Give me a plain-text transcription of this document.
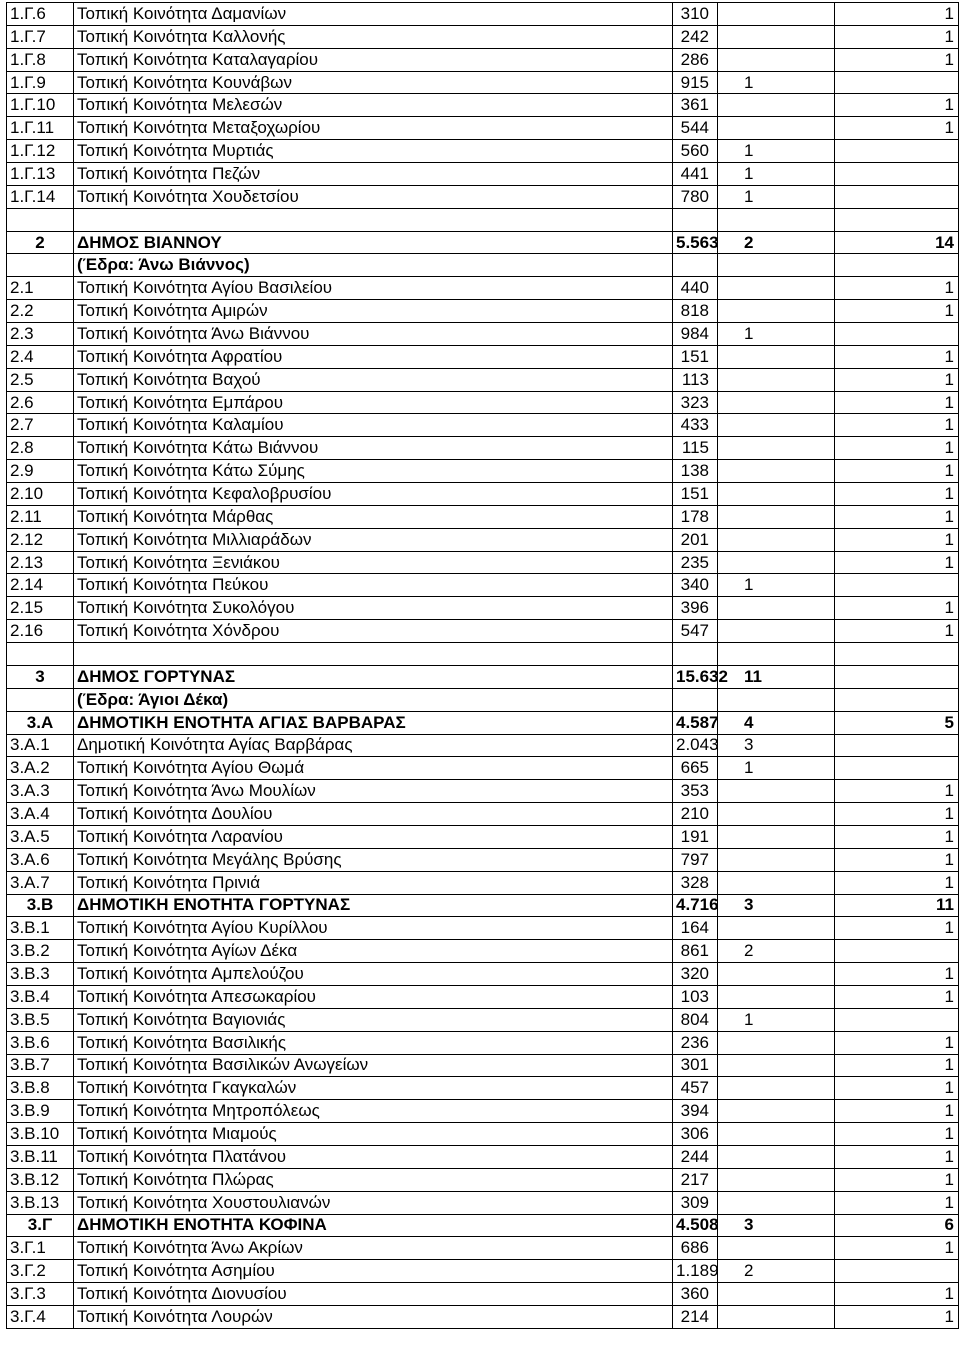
1.Γ.6	Τοπική Κοινότητα Δαμανίων	310		1
1.Γ.7	Τοπική Κοινότητα Καλλονής	242		1
1.Γ.8	Τοπική Κοινότητα Καταλαγαρίου	286		1
1.Γ.9	Τοπική Κοινότητα Κουνάβων	915	1	
1.Γ.10	Τοπική Κοινότητα Μελεσών	361		1
1.Γ.11	Τοπική Κοινότητα Μεταξοχωρίου	544		1
1.Γ.12	Τοπική Κοινότητα Μυρτιάς	560	1	
1.Γ.13	Τοπική Κοινότητα Πεζών	441	1	
1.Γ.14	Τοπική Κοινότητα Χουδετσίου	780	1	

2	ΔΗΜΟΣ ΒΙΑΝΝΟΥ	5.563	2	14
	(Έδρα: Άνω Βιάννος)			
2.1	Τοπική Κοινότητα Αγίου Βασιλείου	440		1
2.2	Τοπική Κοινότητα Αμιρών	818		1
2.3	Τοπική Κοινότητα Άνω Βιάννου	984	1	
2.4	Τοπική Κοινότητα Αφρατίου	151		1
2.5	Τοπική Κοινότητα Βαχού	113		1
2.6	Τοπική Κοινότητα Εμπάρου	323		1
2.7	Τοπική Κοινότητα Καλαμίου	433		1
2.8	Τοπική Κοινότητα Κάτω Βιάννου	115		1
2.9	Τοπική Κοινότητα Κάτω Σύμης	138		1
2.10	Τοπική Κοινότητα Κεφαλοβρυσίου	151		1
2.11	Τοπική Κοινότητα Μάρθας	178		1
2.12	Τοπική Κοινότητα Μιλλιαράδων	201		1
2.13	Τοπική Κοινότητα Ξενιάκου	235		1
2.14	Τοπική Κοινότητα Πεύκου	340	1	
2.15	Τοπική Κοινότητα Συκολόγου	396		1
2.16	Τοπική Κοινότητα Χόνδρου	547		1

3	ΔΗΜΟΣ ΓΟΡΤΥΝΑΣ	15.632	11	
	(Έδρα: Άγιοι Δέκα)			
3.Α	ΔΗΜΟΤΙΚΗ ΕΝΟΤΗΤΑ ΑΓΙΑΣ ΒΑΡΒΑΡΑΣ	4.587	4	5
3.Α.1	Δημοτική Κοινότητα Αγίας Βαρβάρας	2.043	3	
3.Α.2	Τοπική Κοινότητα Αγίου Θωμά	665	1	
3.Α.3	Τοπική Κοινότητα Άνω Μουλίων	353		1
3.Α.4	Τοπική Κοινότητα Δουλίου	210		1
3.Α.5	Τοπική Κοινότητα Λαρανίου	191		1
3.Α.6	Τοπική Κοινότητα Μεγάλης Βρύσης	797		1
3.Α.7	Τοπική Κοινότητα Πρινιά	328		1
3.Β	ΔΗΜΟΤΙΚΗ ΕΝΟΤΗΤΑ ΓΟΡΤΥΝΑΣ	4.716	3	11
3.Β.1	Τοπική Κοινότητα Αγίου Κυρίλλου	164		1
3.Β.2	Τοπική Κοινότητα Αγίων Δέκα	861	2	
3.Β.3	Τοπική Κοινότητα Αμπελούζου	320		1
3.Β.4	Τοπική Κοινότητα Απεσωκαρίου	103		1
3.Β.5	Τοπική Κοινότητα Βαγιονιάς	804	1	
3.Β.6	Τοπική Κοινότητα Βασιλικής	236		1
3.Β.7	Τοπική Κοινότητα Βασιλικών Ανωγείων	301		1
3.Β.8	Τοπική Κοινότητα Γκαγκαλών	457		1
3.Β.9	Τοπική Κοινότητα Μητροπόλεως	394		1
3.Β.10	Τοπική Κοινότητα Μιαμούς	306		1
3.Β.11	Τοπική Κοινότητα Πλατάνου	244		1
3.Β.12	Τοπική Κοινότητα Πλώρας	217		1
3.Β.13	Τοπική Κοινότητα Χουστουλιανών	309		1
3.Γ	ΔΗΜΟΤΙΚΗ ΕΝΟΤΗΤΑ ΚΟΦΙΝΑ	4.508	3	6
3.Γ.1	Τοπική Κοινότητα Άνω Ακρίων	686		1
3.Γ.2	Τοπική Κοινότητα Ασημίου	1.189	2	
3.Γ.3	Τοπική Κοινότητα Διονυσίου	360		1
3.Γ.4	Τοπική Κοινότητα Λουρών	214		1
